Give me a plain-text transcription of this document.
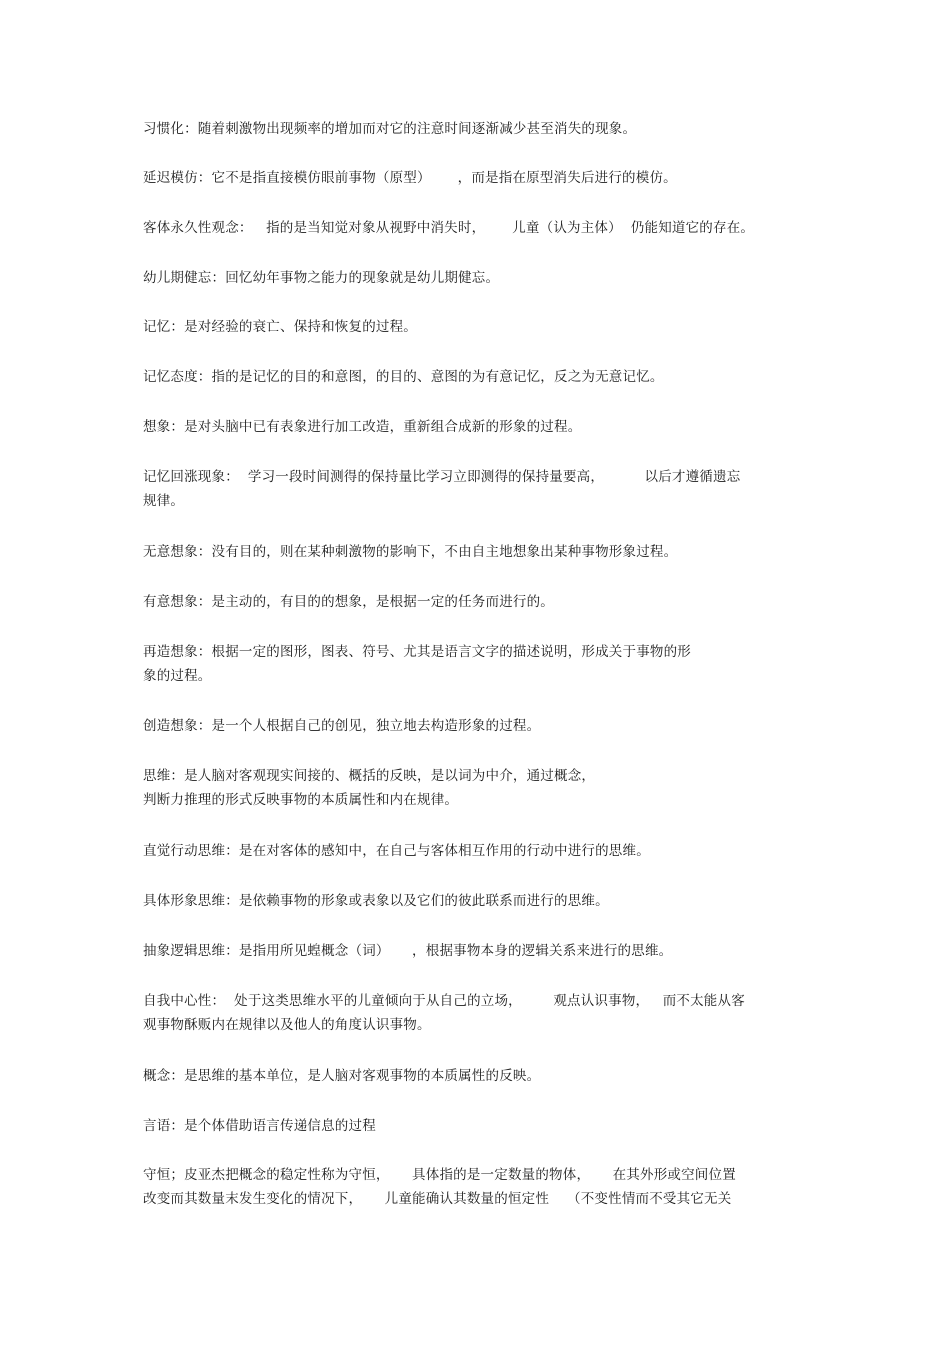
习惯化：随着刺激物出现频率的增加而对它的注意时间逐渐减少甚至消失的现象。
延迟模仿：它不是指直接模仿眼前事物（原型）      ，而是指在原型消失后进行的模仿。
客体永久性观念：   指的是当知觉对象从视野中消失时，      儿童（认为主体）  仍能知道它的存在。
幼儿期健忘：回忆幼年事物之能力的现象就是幼儿期健忘。
记忆：是对经验的衰亡、保持和恢复的过程。
记忆态度：指的是记忆的目的和意图，的目的、意图的为有意记忆，反之为无意记忆。
想象：是对头脑中已有表象进行加工改造，重新组合成新的形象的过程。
记忆回涨现象：  学习一段时间测得的保持量比学习立即测得的保持量要高，         以后才遵循遗忘
规律。
无意想象：没有目的，则在某种刺激物的影响下，不由自主地想象出某种事物形象过程。
有意想象：是主动的，有目的的想象，是根据一定的任务而进行的。
再造想象：根据一定的图形，图表、符号、尤其是语言文字的描述说明，形成关于事物的形
象的过程。
创造想象：是一个人根据自己的创见，独立地去构造形象的过程。
思维：是人脑对客观现实间接的、概括的反映，是以词为中介，通过概念，
判断力推理的形式反映事物的本质属性和内在规律。
直觉行动思维：是在对客体的感知中，在自己与客体相互作用的行动中进行的思维。
具体形象思维：是依赖事物的形象或表象以及它们的彼此联系而进行的思维。
抽象逻辑思维：是指用所见蝗概念（词）     ，根据事物本身的逻辑关系来进行的思维。
自我中心性：  处于这类思维水平的儿童倾向于从自己的立场，       观点认识事物，   而不太能从客
观事物酥贩内在规律以及他人的角度认识事物。
概念：是思维的基本单位，是人脑对客观事物的本质属性的反映。
言语：是个体借助语言传递信息的过程
守恒；皮亚杰把概念的稳定性称为守恒，     具体指的是一定数量的物体，     在其外形或空间位置
改变而其数量末发生变化的情况下，     儿童能确认其数量的恒定性    （不变性情而不受其它无关
